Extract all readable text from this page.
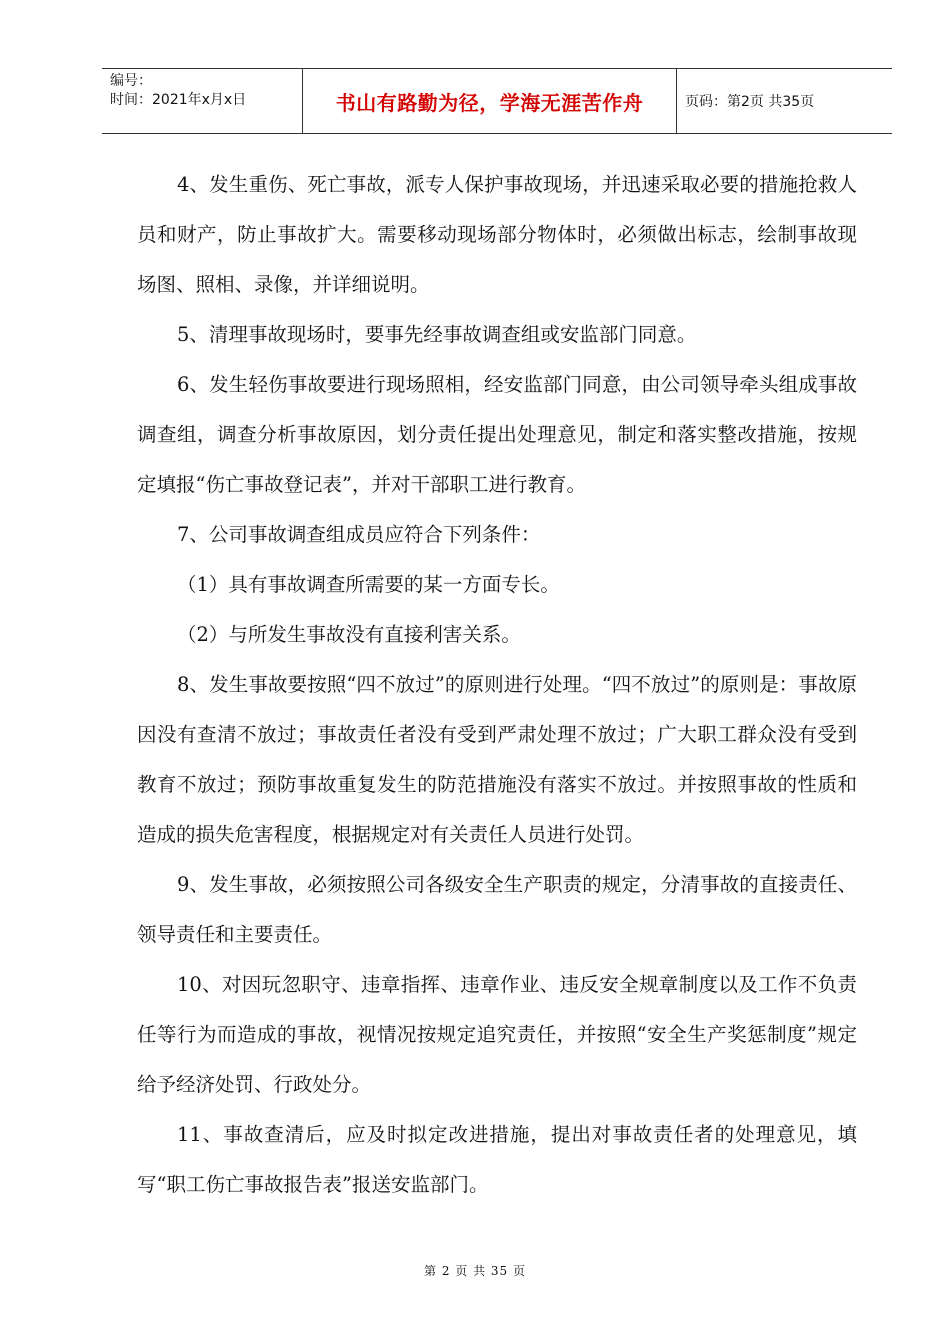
编号：
时间：2021年x月x日	书山有路勤为径，学海无涯苦作舟	页码：第2页 共35页

4、发生重伤、死亡事故，派专人保护事故现场，并迅速采取必要的措施抢救人员和财产，防止事故扩大。需要移动现场部分物体时，必须做出标志，绘制事故现场图、照相、录像，并详细说明。

5、清理事故现场时，要事先经事故调查组或安监部门同意。

6、发生轻伤事故要进行现场照相，经安监部门同意，由公司领导牵头组成事故调查组，调查分析事故原因，划分责任提出处理意见，制定和落实整改措施，按规定填报“伤亡事故登记表”，并对干部职工进行教育。

7、公司事故调查组成员应符合下列条件：

（1）具有事故调查所需要的某一方面专长。

（2）与所发生事故没有直接利害关系。

8、发生事故要按照“四不放过”的原则进行处理。“四不放过”的原则是：事故原因没有查清不放过；事故责任者没有受到严肃处理不放过；广大职工群众没有受到教育不放过；预防事故重复发生的防范措施没有落实不放过。并按照事故的性质和造成的损失危害程度，根据规定对有关责任人员进行处罚。

9、发生事故，必须按照公司各级安全生产职责的规定，分清事故的直接责任、领导责任和主要责任。

10、对因玩忽职守、违章指挥、违章作业、违反安全规章制度以及工作不负责任等行为而造成的事故，视情况按规定追究责任，并按照“安全生产奖惩制度”规定给予经济处罚、行政处分。

11、事故查清后，应及时拟定改进措施，提出对事故责任者的处理意见，填写“职工伤亡事故报告表”报送安监部门。

第 2 页 共 35 页
